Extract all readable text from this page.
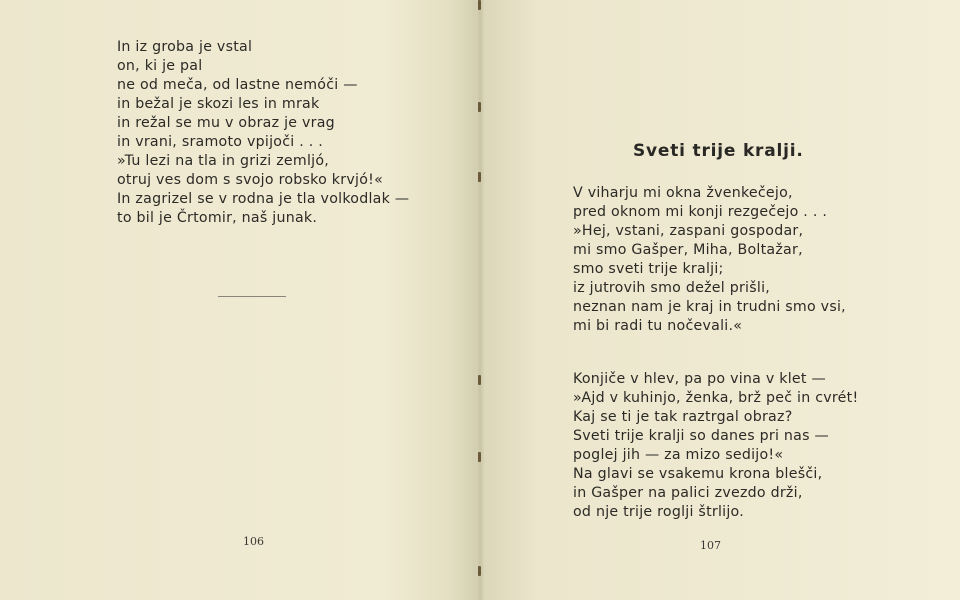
In iz groba je vstal
on, ki je pal
ne od meča, od lastne nemóči —
in bežal je skozi les in mrak
in režal se mu v obraz je vrag
in vrani, sramoto vpijoči . . .
»Tu lezi na tla in grizi zemljó,
otruj ves dom s svojo robsko krvjó!«
In zagrizel se v rodna je tla volkodlak —
to bil je Črtomir, naš junak.
106
Sveti trije kralji.
V viharju mi okna žvenkečejo,
pred oknom mi konji rezgečejo . . .
»Hej, vstani, zaspani gospodar,
mi smo Gašper, Miha, Boltažar,
smo sveti trije kralji;
iz jutrovih smo dežel prišli,
neznan nam je kraj in trudni smo vsi,
mi bi radi tu nočevali.«
Konjiče v hlev, pa po vina v klet —
»Ajd v kuhinjo, ženka, brž peč in cvrét!
Kaj se ti je tak raztrgal obraz?
Sveti trije kralji so danes pri nas —
poglej jih — za mizo sedijo!«
Na glavi se vsakemu krona blešči,
in Gašper na palici zvezdo drži,
od nje trije roglji štrlijo.
107
